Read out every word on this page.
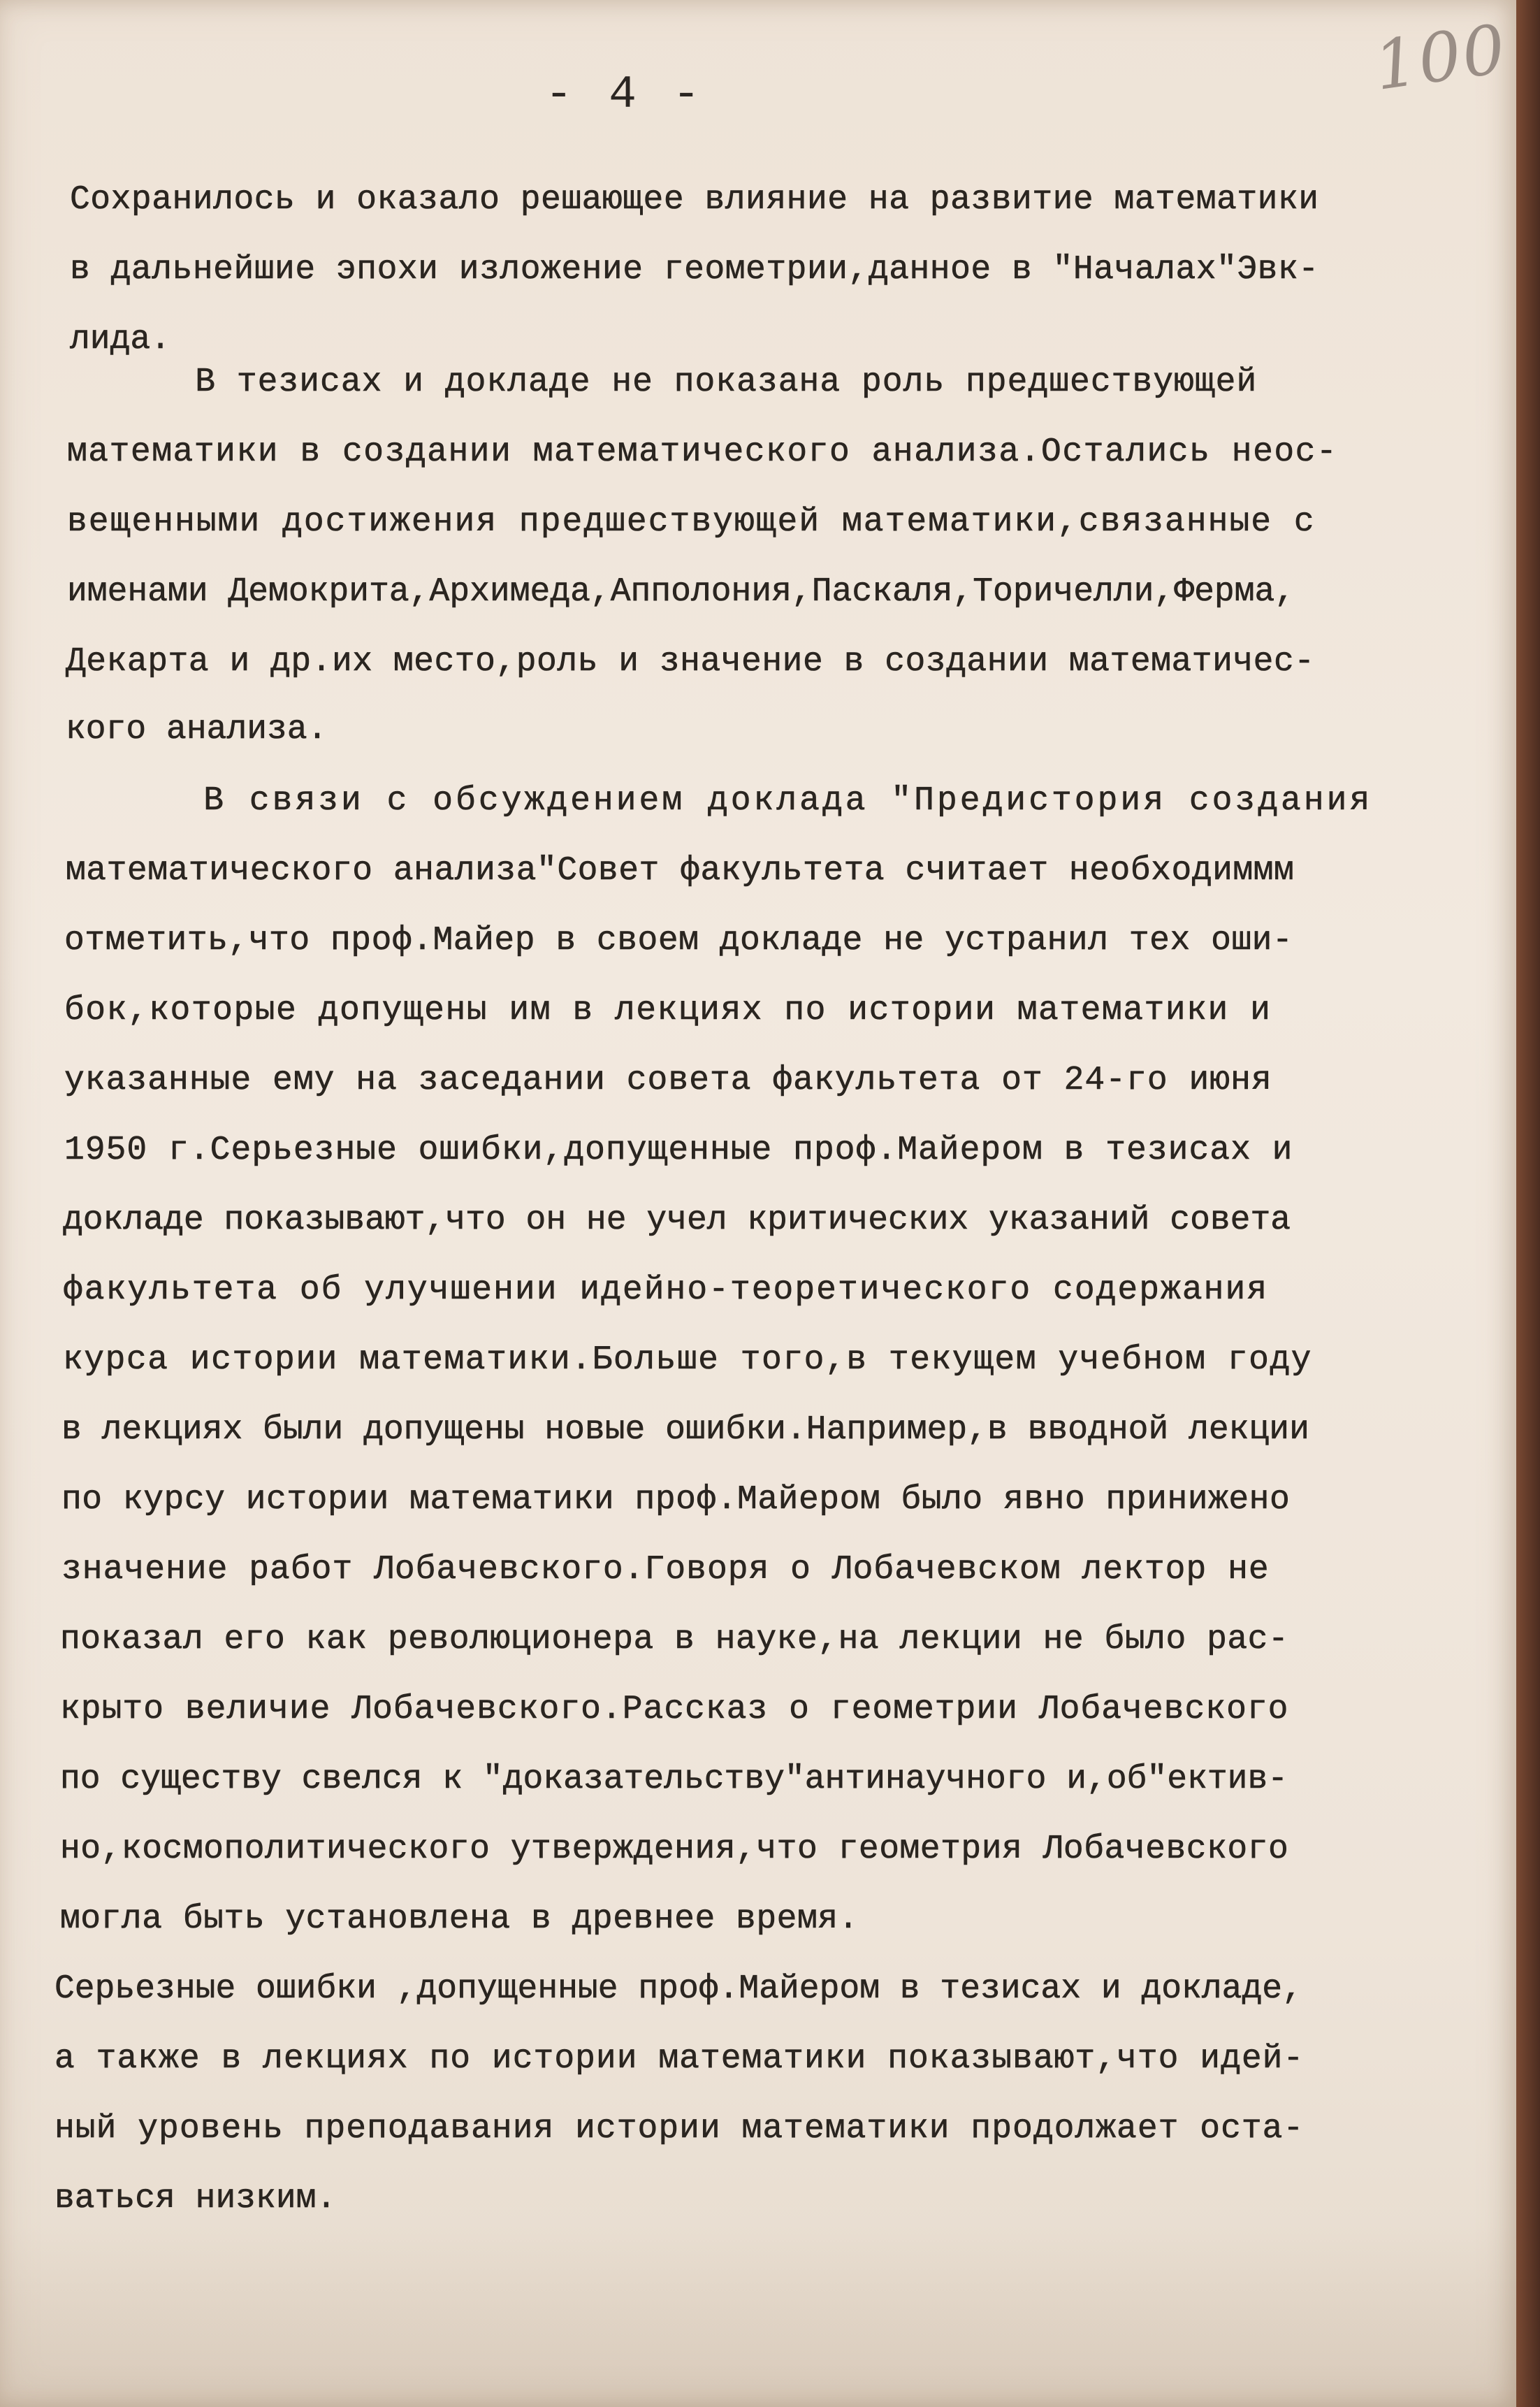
100
- 4 -
Сохранилось и оказало решающее влияние на развитие математики
в дальнейшие эпохи изложение геометрии,данное в "Началах"Эвк-
лида.
В тезисах и докладе не показана роль предшествующей
математики в создании математического анализа.Остались неос-
вещенными достижения предшествующей математики,связанные с
именами Демокрита,Архимеда,Апполония,Паскаля,Торичелли,Ферма,
Декарта и др.их место,роль и значение в создании математичес-
кого анализа.
В связи с обсуждением доклада "Предистория создания
математического анализа"Совет факультета считает необходиммм
отметить,что проф.Майер в своем докладе не устранил тех оши-
бок,которые допущены им в лекциях по истории математики и
указанные ему на заседании совета факультета от 24-го июня
1950 г.Серьезные ошибки,допущенные проф.Майером в тезисах и
докладе показывают,что он не учел критических указаний совета
факультета об улучшении идейно-теоретического содержания
курса истории математики.Больше того,в текущем учебном году
в лекциях были допущены новые ошибки.Например,в вводной лекции
по курсу истории математики проф.Майером было явно принижено
значение работ Лобачевского.Говоря о Лобачевском лектор не
показал его как революционера в науке,на лекции не было рас-
крыто величие Лобачевского.Рассказ о геометрии Лобачевского
по существу свелся к "доказательству"антинаучного и,об"ектив-
но,космополитического утверждения,что геометрия Лобачевского
могла быть установлена в древнее время.
Серьезные ошибки ,допущенные проф.Майером в тезисах и докладе,
а также в лекциях по истории математики показывают,что идей-
ный уровень преподавания истории математики продолжает оста-
ваться низким.
